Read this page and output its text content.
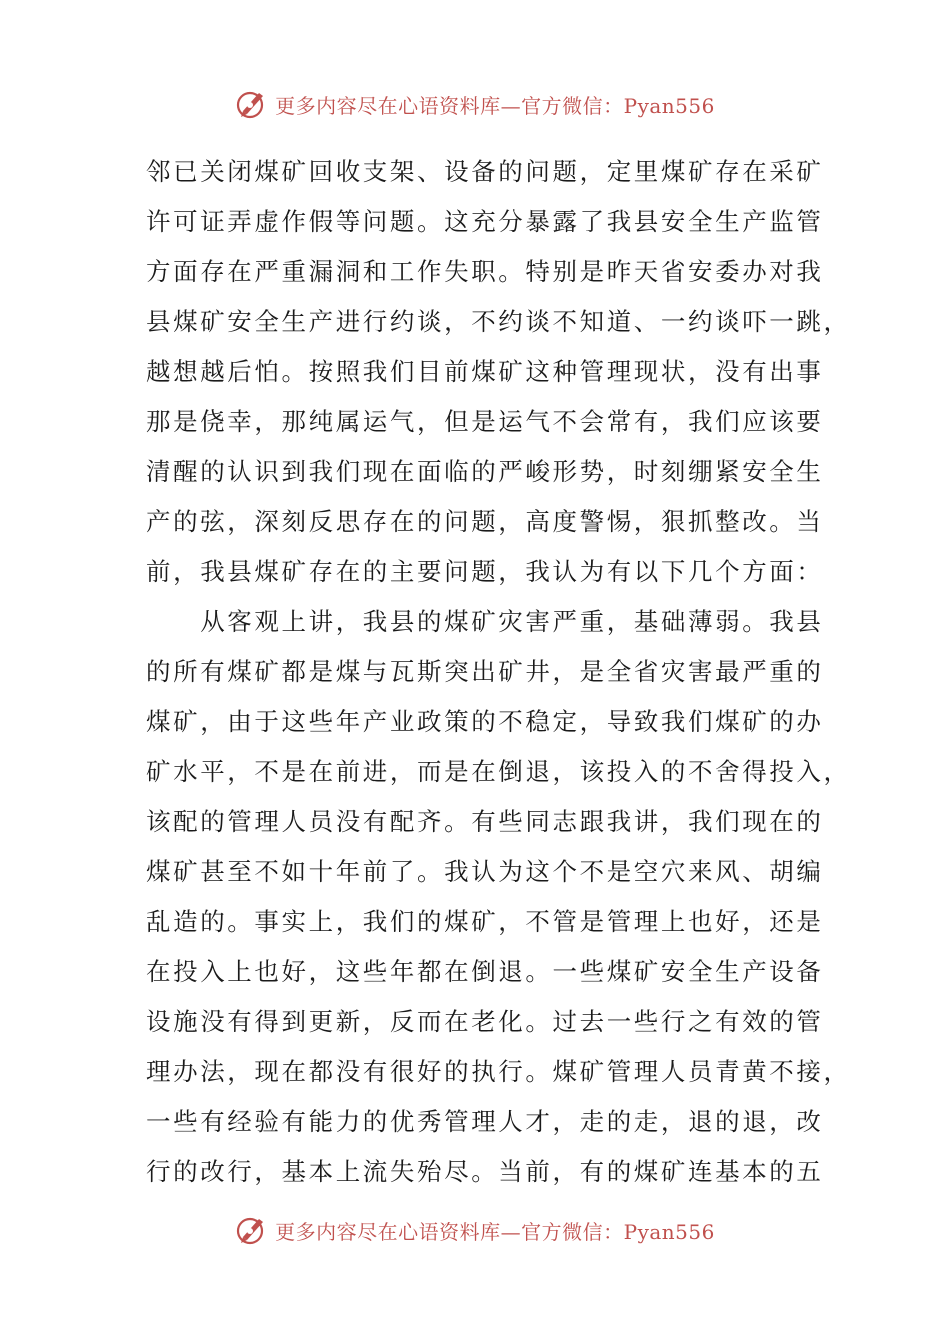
更多内容尽在心语资料库—官方微信：Pyan556
邻已关闭煤矿回收支架、设备的问题，定里煤矿存在采矿
许可证弄虚作假等问题。这充分暴露了我县安全生产监管
方面存在严重漏洞和工作失职。特别是昨天省安委办对我
县煤矿安全生产进行约谈，不约谈不知道、一约谈吓一跳，
越想越后怕。按照我们目前煤矿这种管理现状，没有出事
那是侥幸，那纯属运气，但是运气不会常有，我们应该要
清醒的认识到我们现在面临的严峻形势，时刻绷紧安全生
产的弦，深刻反思存在的问题，高度警惕，狠抓整改。当
前，我县煤矿存在的主要问题，我认为有以下几个方面：
　　从客观上讲，我县的煤矿灾害严重，基础薄弱。我县
的所有煤矿都是煤与瓦斯突出矿井，是全省灾害最严重的
煤矿，由于这些年产业政策的不稳定，导致我们煤矿的办
矿水平，不是在前进，而是在倒退，该投入的不舍得投入，
该配的管理人员没有配齐。有些同志跟我讲，我们现在的
煤矿甚至不如十年前了。我认为这个不是空穴来风、胡编
乱造的。事实上，我们的煤矿，不管是管理上也好，还是
在投入上也好，这些年都在倒退。一些煤矿安全生产设备
设施没有得到更新，反而在老化。过去一些行之有效的管
理办法，现在都没有很好的执行。煤矿管理人员青黄不接，
一些有经验有能力的优秀管理人才，走的走，退的退，改
行的改行，基本上流失殆尽。当前，有的煤矿连基本的五
更多内容尽在心语资料库—官方微信：Pyan556
